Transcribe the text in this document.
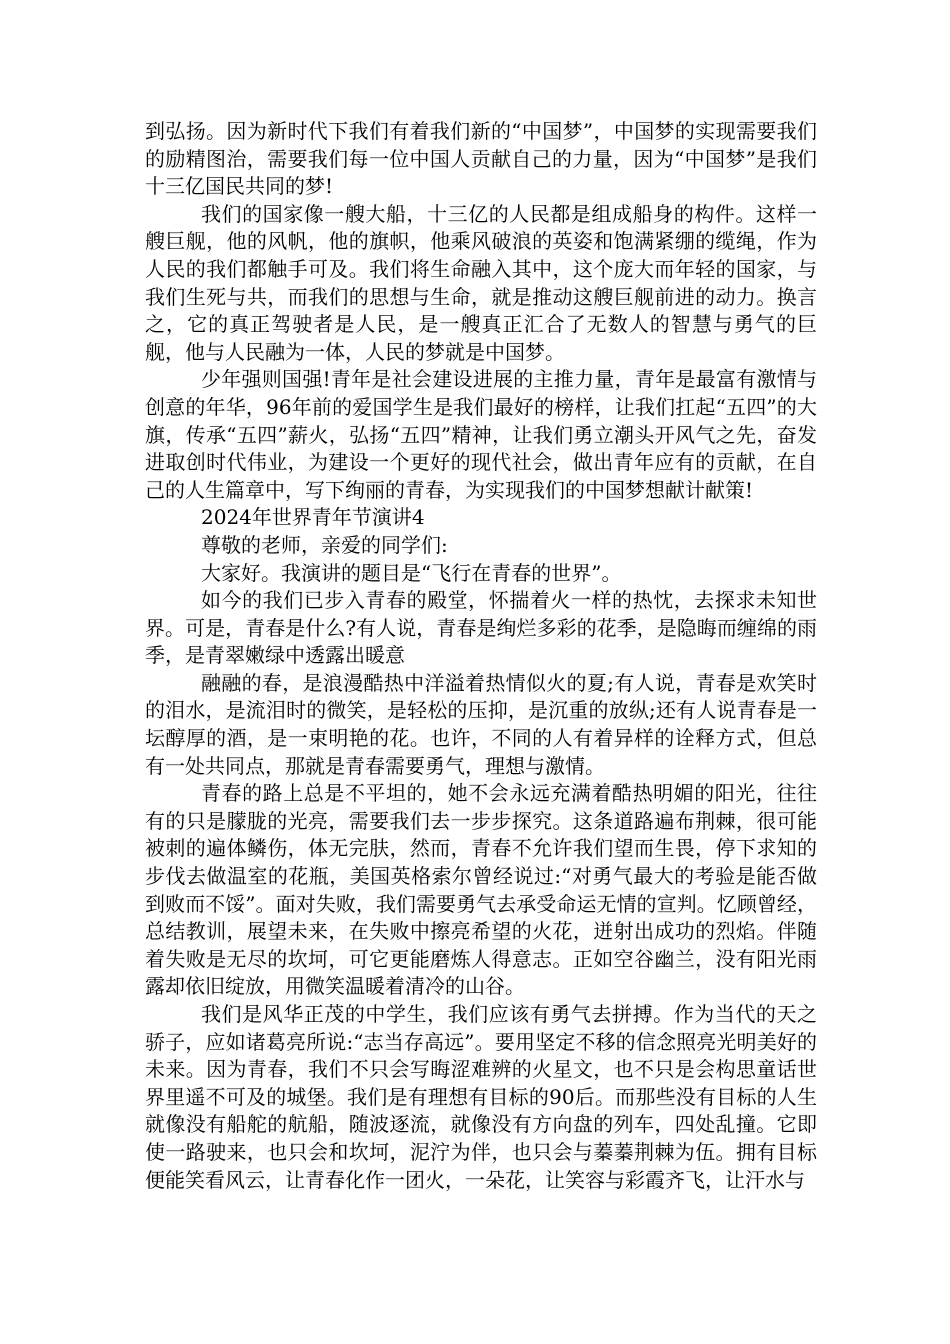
到弘扬。因为新时代下我们有着我们新的“中国梦”，中国梦的实现需要我们的励精图治，需要我们每一位中国人贡献自己的力量，因为“中国梦”是我们十三亿国民共同的梦!

我们的国家像一艘大船，十三亿的人民都是组成船身的构件。这样一艘巨舰，他的风帆，他的旗帜，他乘风破浪的英姿和饱满紧绷的缆绳，作为人民的我们都触手可及。我们将生命融入其中，这个庞大而年轻的国家，与我们生死与共，而我们的思想与生命，就是推动这艘巨舰前进的动力。换言之，它的真正驾驶者是人民，是一艘真正汇合了无数人的智慧与勇气的巨舰，他与人民融为一体，人民的梦就是中国梦。

少年强则国强!青年是社会建设进展的主推力量，青年是最富有激情与创意的年华，96年前的爱国学生是我们最好的榜样，让我们扛起“五四”的大旗，传承“五四”薪火，弘扬“五四”精神，让我们勇立潮头开风气之先，奋发进取创时代伟业，为建设一个更好的现代社会，做出青年应有的贡献，在自己的人生篇章中，写下绚丽的青春，为实现我们的中国梦想献计献策!

2024年世界青年节演讲4

尊敬的老师，亲爱的同学们:

大家好。我演讲的题目是“飞行在青春的世界”。

如今的我们已步入青春的殿堂，怀揣着火一样的热忱，去探求未知世界。可是，青春是什么?有人说，青春是绚烂多彩的花季，是隐晦而缠绵的雨季，是青翠嫩绿中透露出暖意

融融的春，是浪漫酷热中洋溢着热情似火的夏;有人说，青春是欢笑时的泪水，是流泪时的微笑，是轻松的压抑，是沉重的放纵;还有人说青春是一坛醇厚的酒，是一束明艳的花。也许，不同的人有着异样的诠释方式，但总有一处共同点，那就是青春需要勇气，理想与激情。

青春的路上总是不平坦的，她不会永远充满着酷热明媚的阳光，往往有的只是朦胧的光亮，需要我们去一步步探究。这条道路遍布荆棘，很可能被刺的遍体鳞伤，体无完肤，然而，青春不允许我们望而生畏，停下求知的步伐去做温室的花瓶，美国英格索尔曾经说过:“对勇气最大的考验是能否做到败而不馁”。面对失败，我们需要勇气去承受命运无情的宣判。忆顾曾经，总结教训，展望未来，在失败中擦亮希望的火花，迸射出成功的烈焰。伴随着失败是无尽的坎坷，可它更能磨炼人得意志。正如空谷幽兰，没有阳光雨露却依旧绽放，用微笑温暖着清冷的山谷。

我们是风华正茂的中学生，我们应该有勇气去拼搏。作为当代的天之骄子，应如诸葛亮所说:“志当存高远”。要用坚定不移的信念照亮光明美好的未来。因为青春，我们不只会写晦涩难辨的火星文，也不只是会构思童话世界里遥不可及的城堡。我们是有理想有目标的90后。而那些没有目标的人生就像没有船舵的航船，随波逐流，就像没有方向盘的列车，四处乱撞。它即使一路驶来，也只会和坎坷，泥泞为伴，也只会与蓁蓁荆棘为伍。拥有目标便能笑看风云，让青春化作一团火，一朵花，让笑容与彩霞齐飞，让汗水与
